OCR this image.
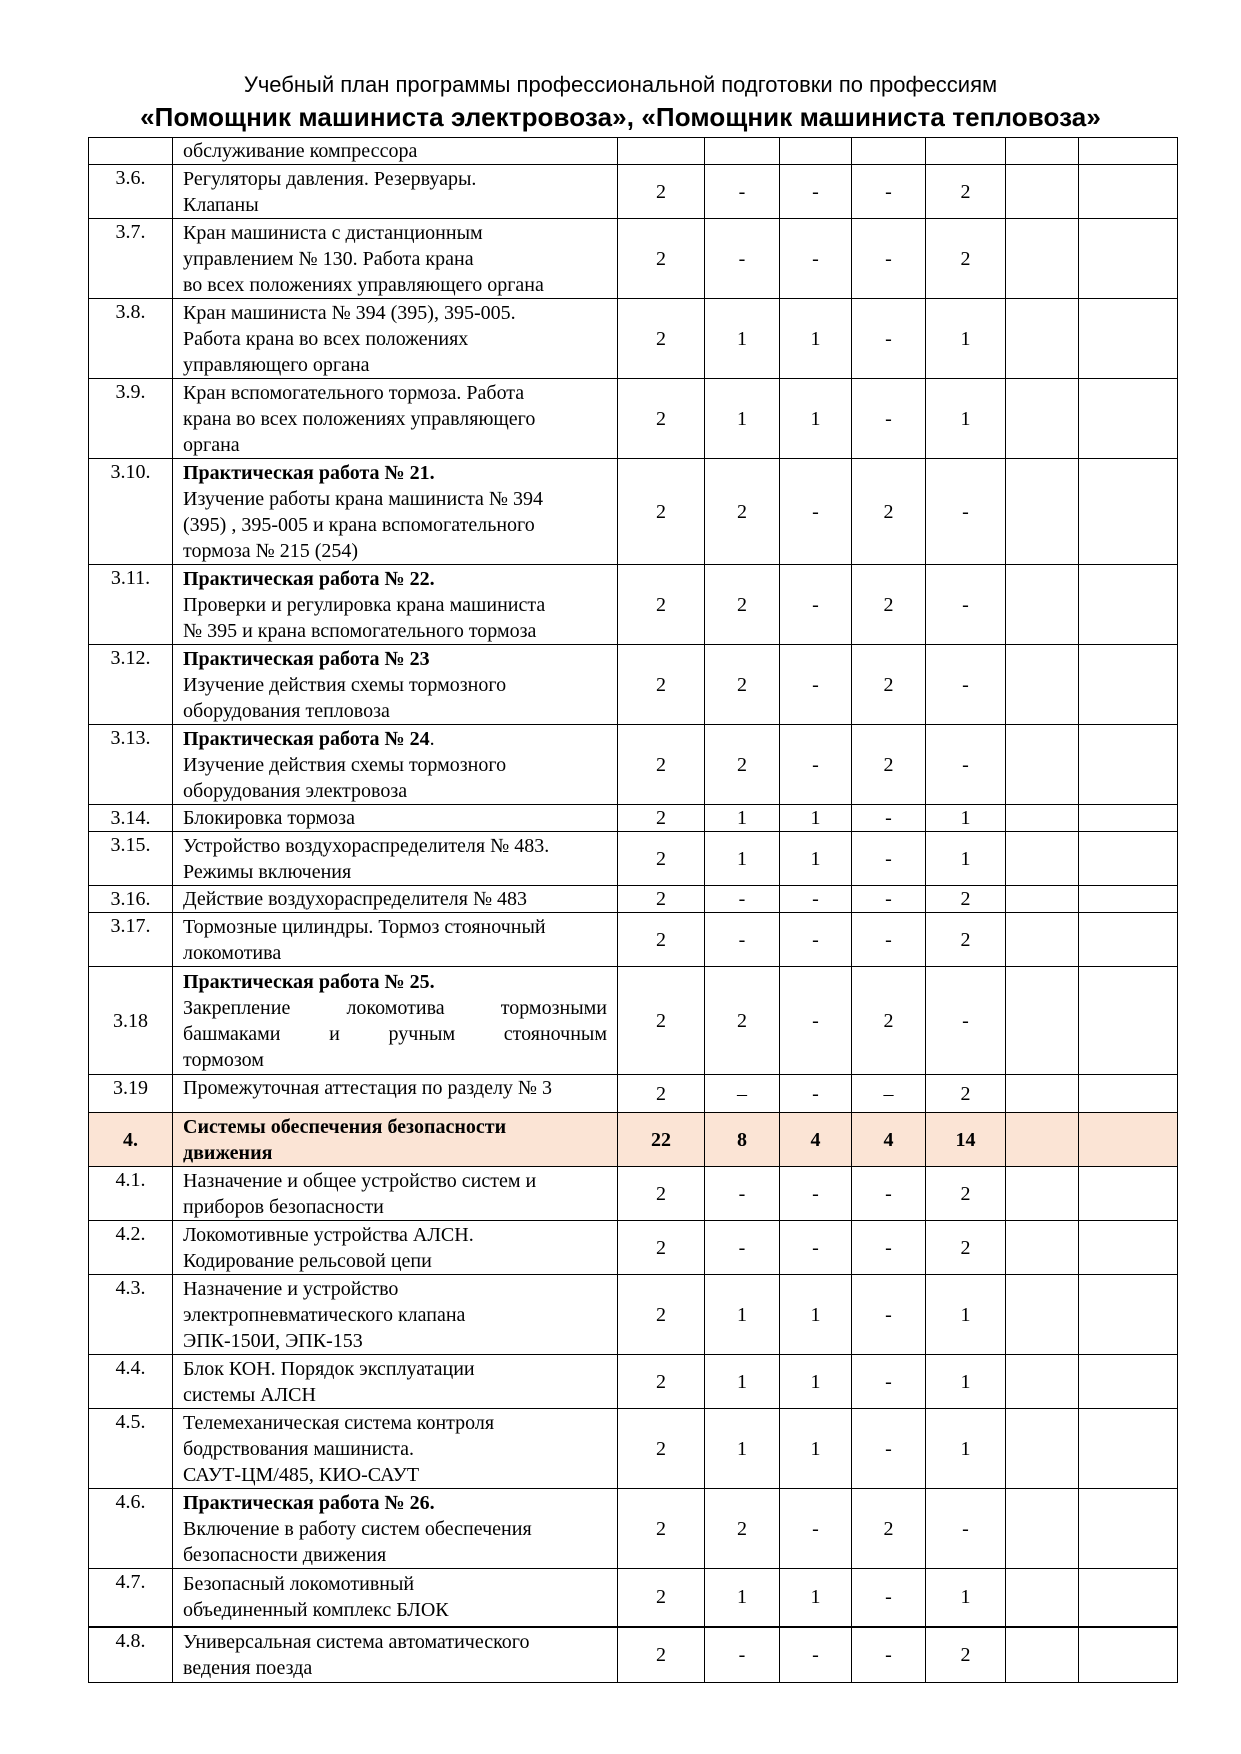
Учебный план программы профессиональной подготовки по профессиям
«Помощник машиниста электровоза», «Помощник машиниста тепловоза»

	обслуживание компрессора							

3.6.	Регуляторы давления. Резервуары.
Клапаны	2	-	-	-	2		
3.7.	Кран машиниста с дистанционным
управлением № 130. Работа крана
во всех положениях управляющего органа	2	-	-	-	2		
3.8.	Кран машиниста № 394 (395), 395-005.
Работа крана во всех положениях
управляющего органа	2	1	1	-	1		
3.9.	Кран вспомогательного тормоза. Работа
крана во всех положениях управляющего
органа	2	1	1	-	1		
3.10.	Практическая работа № 21.
Изучение работы крана машиниста № 394
(395) , 395-005 и крана вспомогательного
тормоза № 215 (254)	2	2	-	2	-		
3.11.	Практическая работа № 22.
Проверки и регулировка крана машиниста
№ 395 и крана вспомогательного тормоза	2	2	-	2	-		
3.12.	Практическая работа № 23
Изучение действия схемы тормозного
оборудования тепловоза	2	2	-	2	-		
3.13.	Практическая работа № 24.
Изучение действия схемы тормозного
оборудования электровоза	2	2	-	2	-		
3.14.	Блокировка тормоза	2	1	1	-	1		
3.15.	Устройство воздухораспределителя № 483.
Режимы включения	2	1	1	-	1		
3.16.	Действие воздухораспределителя № 483	2	-	-	-	2		
3.17.	Тормозные цилиндры. Тормоз стояночный
локомотива	2	-	-	-	2		
3.18	Практическая работа № 25.
Закрепление локомотива тормозными
башмаками и ручным стояночным
тормозом	2	2	-	2	-		
3.19	Промежуточная аттестация по разделу № 3	2	–	-	–	2		
4.	Системы обеспечения безопасности
движения	22	8	4	4	14		
4.1.	Назначение и общее устройство систем и
приборов безопасности	2	-	-	-	2		
4.2.	Локомотивные устройства АЛСН.
Кодирование рельсовой цепи	2	-	-	-	2		
4.3.	Назначение и устройство
электропневматического клапана
ЭПК-150И, ЭПК-153	2	1	1	-	1		
4.4.	Блок КОН. Порядок эксплуатации
системы АЛСН	2	1	1	-	1		
4.5.	Телемеханическая система контроля
бодрствования машиниста.
САУТ-ЦМ/485, КИО-САУТ	2	1	1	-	1		
4.6.	Практическая работа № 26.
Включение в работу систем обеспечения
безопасности движения	2	2	-	2	-		
4.7.	Безопасный локомотивный
объединенный комплекс БЛОК	2	1	1	-	1		
4.8.	Универсальная система автоматического
ведения поезда	2	-	-	-	2		
